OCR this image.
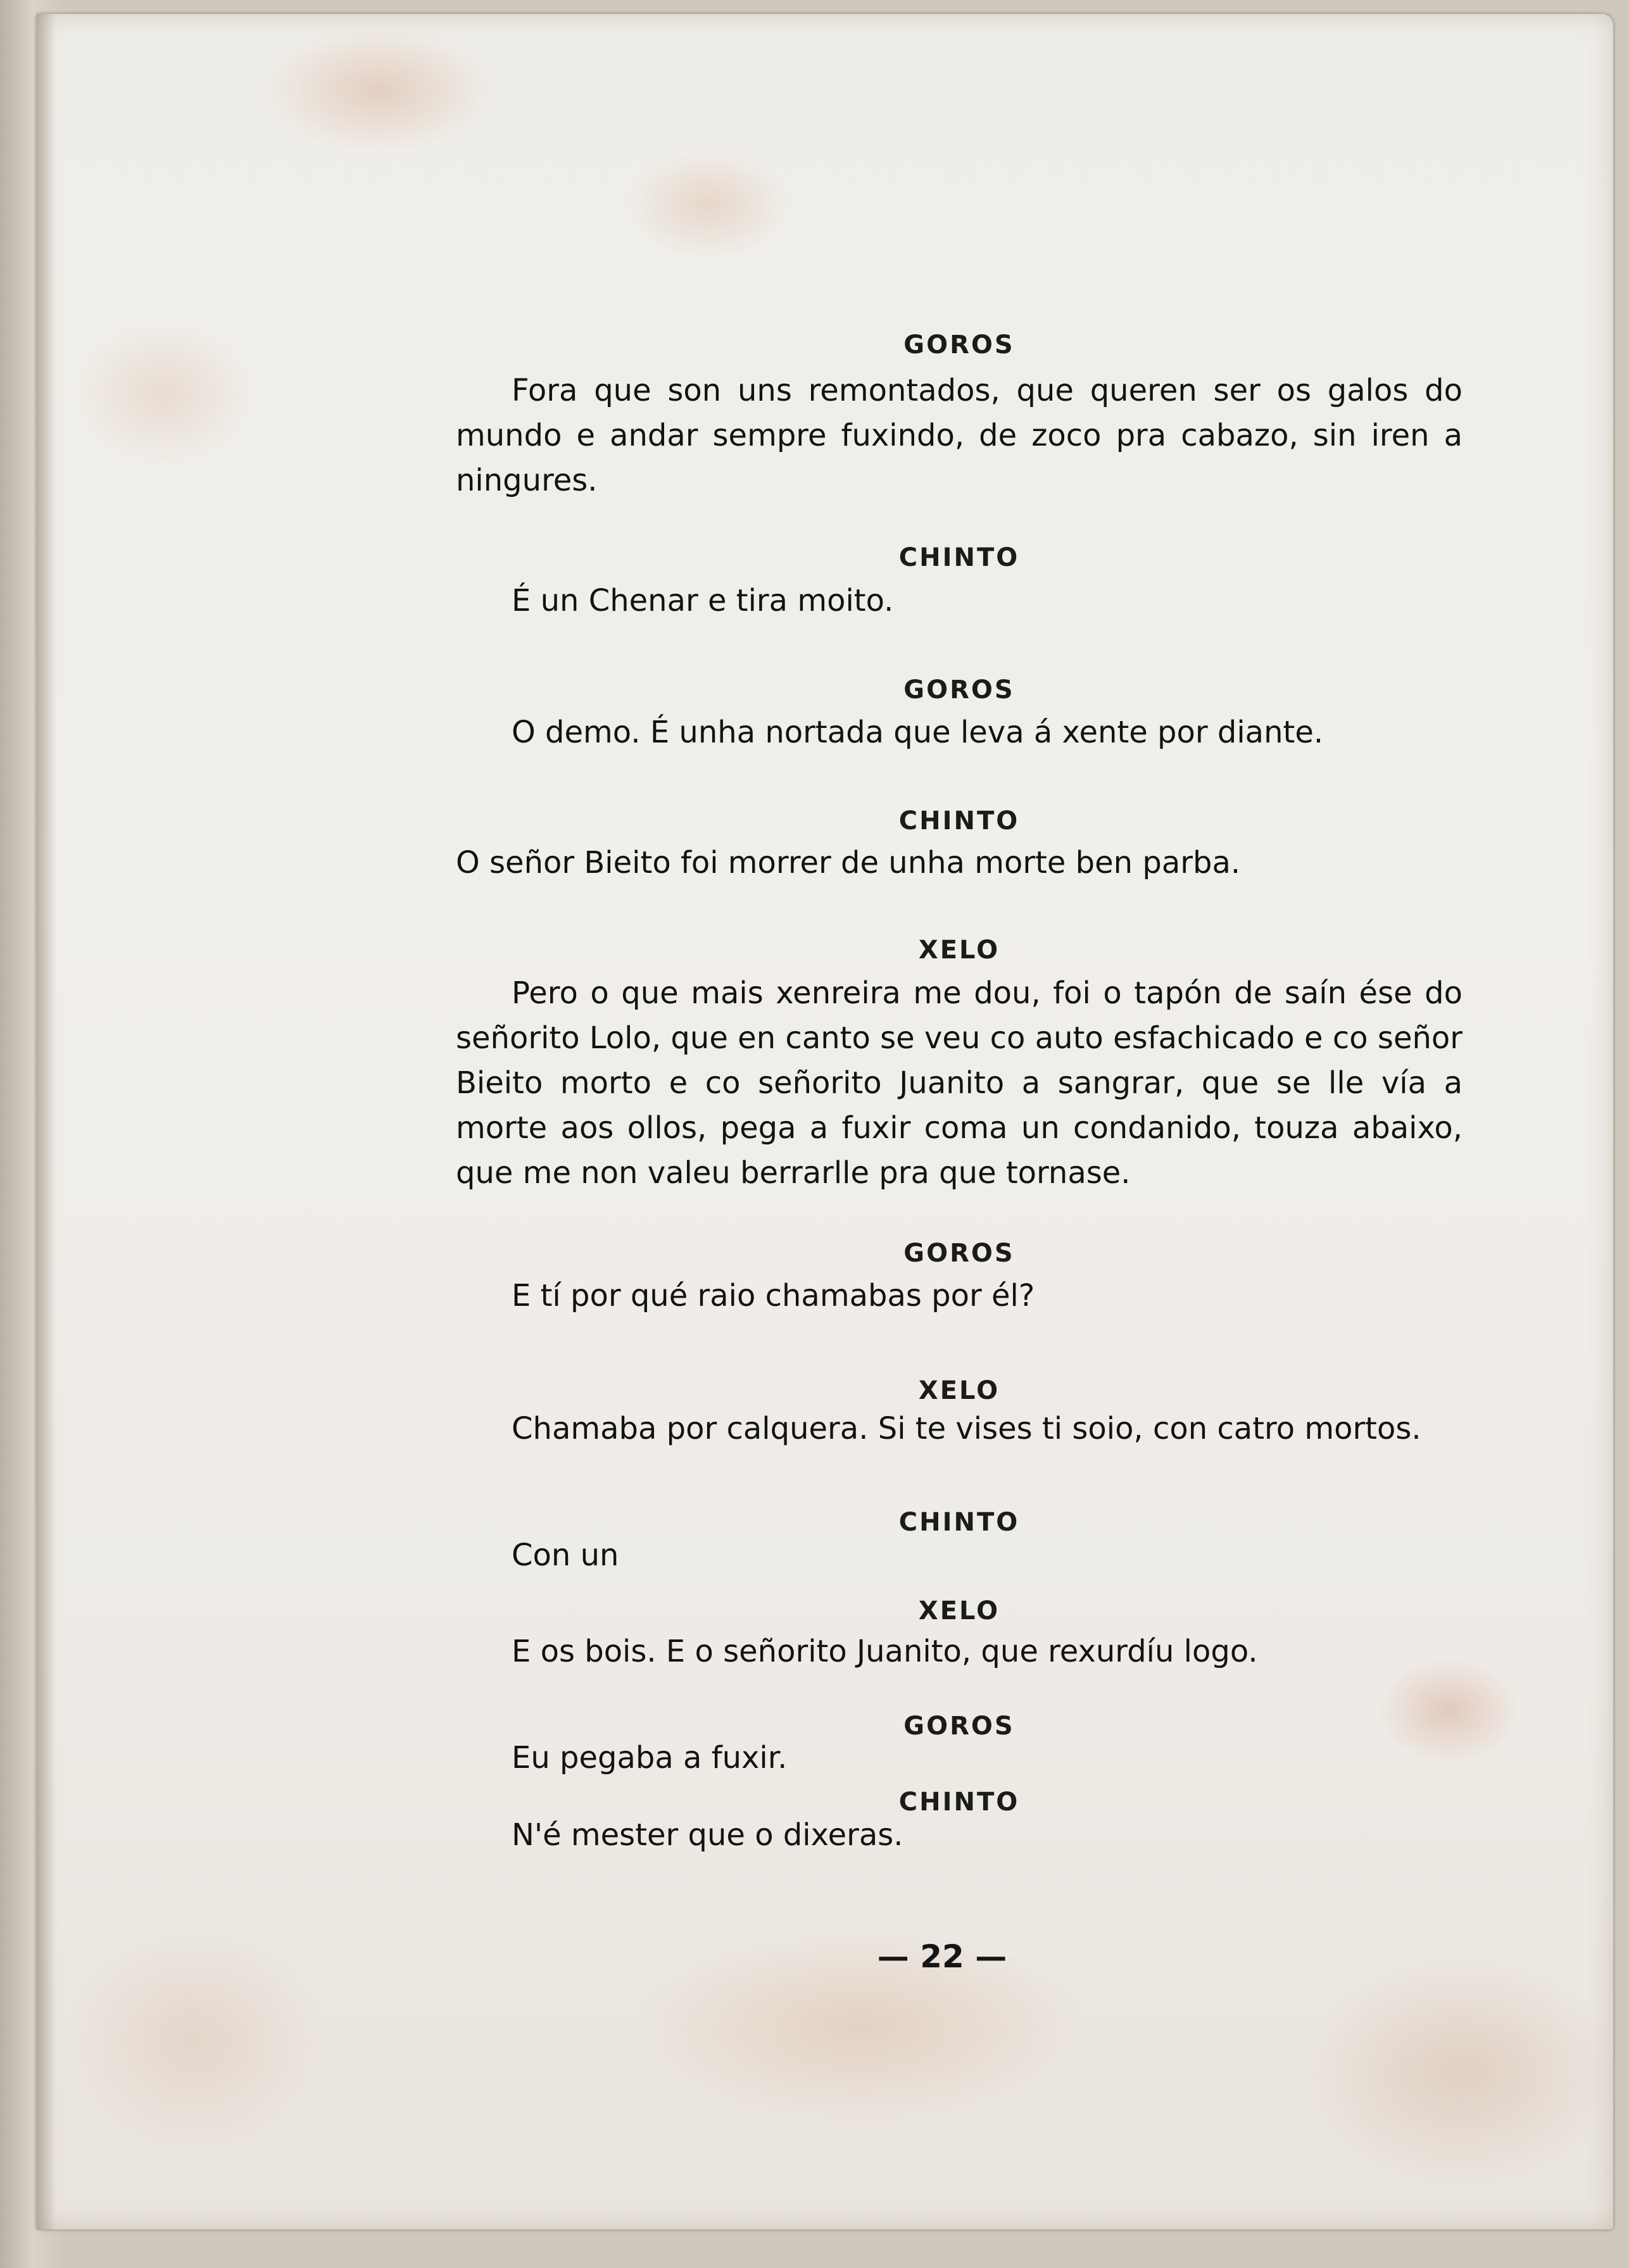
GOROS
Fora que son uns remontados, que queren ser os galos do mundo e andar sempre fuxindo, de zoco pra cabazo, sin iren a ningures.
CHINTO
É un Chenar e tira moito.
GOROS
O demo. É unha nortada que leva á xente por diante.
CHINTO
O señor Bieito foi morrer de unha morte ben parba.
XELO
Pero o que mais xenreira me dou, foi o tapón de saín ése do señorito Lolo, que en canto se veu co auto esfachicado e co señor Bieito morto e co señorito Juanito a sangrar, que se lle vía a morte aos ollos, pega a fuxir coma un condanido, touza abaixo, que me non valeu berrarlle pra que tornase.
GOROS
E tí por qué raio chamabas por él?
XELO
Chamaba por calquera. Si te vises ti soio, con catro mortos.
CHINTO
Con un
XELO
E os bois. E o señorito Juanito, que rexurdíu logo.
GOROS
Eu pegaba a fuxir.
CHINTO
N'é mester que o dixeras.
— 22 —
